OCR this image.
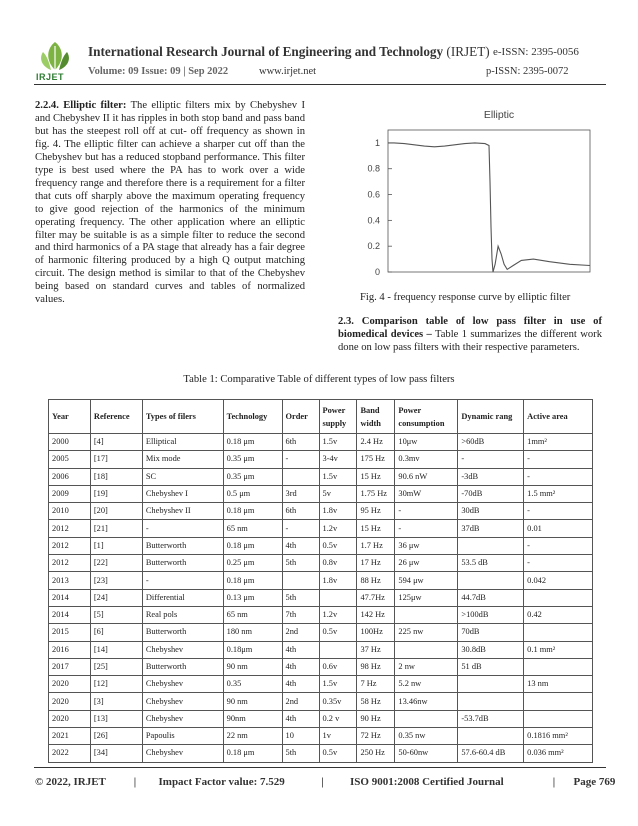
IRJET
International Research Journal of Engineering and Technology (IRJET) e-ISSN: 2395-0056
Volume: 09 Issue: 09 | Sep 2022	www.irjet.net	p-ISSN: 2395-0072
2.2.4. Elliptic filter: The elliptic filters mix by Chebyshev I and Chebyshev II it has ripples in both stop band and pass band but has the steepest roll off at cut- off frequency as shown in fig. 4. The elliptic filter can achieve a sharper cut off than the Chebyshev but has a reduced stopband performance. This filter type is best used where the PA has to work over a wide frequency range and therefore there is a requirement for a filter that cuts off sharply above the maximum operating frequency to give good rejection of the harmonics of the minimum operating frequency. The other application where an elliptic filter may be suitable is as a simple filter to reduce the second and third harmonics of a PA stage that already has a fair degree of harmonic filtering produced by a high Q output matching circuit. The design method is similar to that of the Chebyshev being based on standard curves and tables of normalized values.
Elliptic
1
0.8
0.6
0.4
0.2
0
Fig. 4 - frequency response curve by elliptic filter
2.3. Comparison table of low pass filter in use of biomedical devices – Table 1 summarizes the different work done on low pass filters with their respective parameters.
Table 1: Comparative Table of different types of low pass filters
Year	Reference	Types of filers	Technology	Order	Power supply	Band width	Power consumption	Dynamic rang	Active area
2000	[4]	Elliptical	0.18 μm	6th	1.5v	2.4 Hz	10μw	>60dB	1mm²
2005	[17]	Mix mode	0.35 μm	-	3-4v	175 Hz	0.3mv	-	-
2006	[18]	SC	0.35 μm		1.5v	15 Hz	90.6 nW	-3dB	-
2009	[19]	Chebyshev I	0.5 μm	3rd	5v	1.75 Hz	30mW	-70dB	1.5 mm²
2010	[20]	Chebyshev II	0.18 μm	6th	1.8v	95 Hz	-	30dB	-
2012	[21]	-	65 nm	-	1.2v	15 Hz	-	37dB	0.01
2012	[1]	Butterworth	0.18 μm	4th	0.5v	1.7 Hz	36 μw		-
2012	[22]	Butterworth	0.25 μm	5th	0.8v	17 Hz	26 μw	53.5 dB	-
2013	[23]	-	0.18 μm		1.8v	88 Hz	594 μw		0.042
2014	[24]	Differential	0.13 μm	5th		47.7Hz	125μw	44.7dB	
2014	[5]	Real pols	65 nm	7th	1.2v	142 Hz		>100dB	0.42
2015	[6]	Butterworth	180 nm	2nd	0.5v	100Hz	225 nw	70dB	
2016	[14]	Chebyshev	0.18μm	4th		37 Hz		30.8dB	0.1 mm²
2017	[25]	Butterworth	90 nm	4th	0.6v	98 Hz	2 nw	51 dB	
2020	[12]	Chebyshev	0.35	4th	1.5v	7 Hz	5.2 nw		13 nm
2020	[3]	Chebyshev	90 nm	2nd	0.35v	58 Hz	13.46nw		
2020	[13]	Chebyshev	90nm	4th	0.2 v	90 Hz		-53.7dB	
2021	[26]	Papoulis	22 nm	10	1v	72 Hz	0.35 nw		0.1816 mm²
2022	[34]	Chebyshev	0.18 μm	5th	0.5v	250 Hz	50-60nw	57.6-60.4 dB	0.036 mm²
© 2022, IRJET	| Impact Factor value: 7.529	| ISO 9001:2008 Certified Journal	| Page 769
